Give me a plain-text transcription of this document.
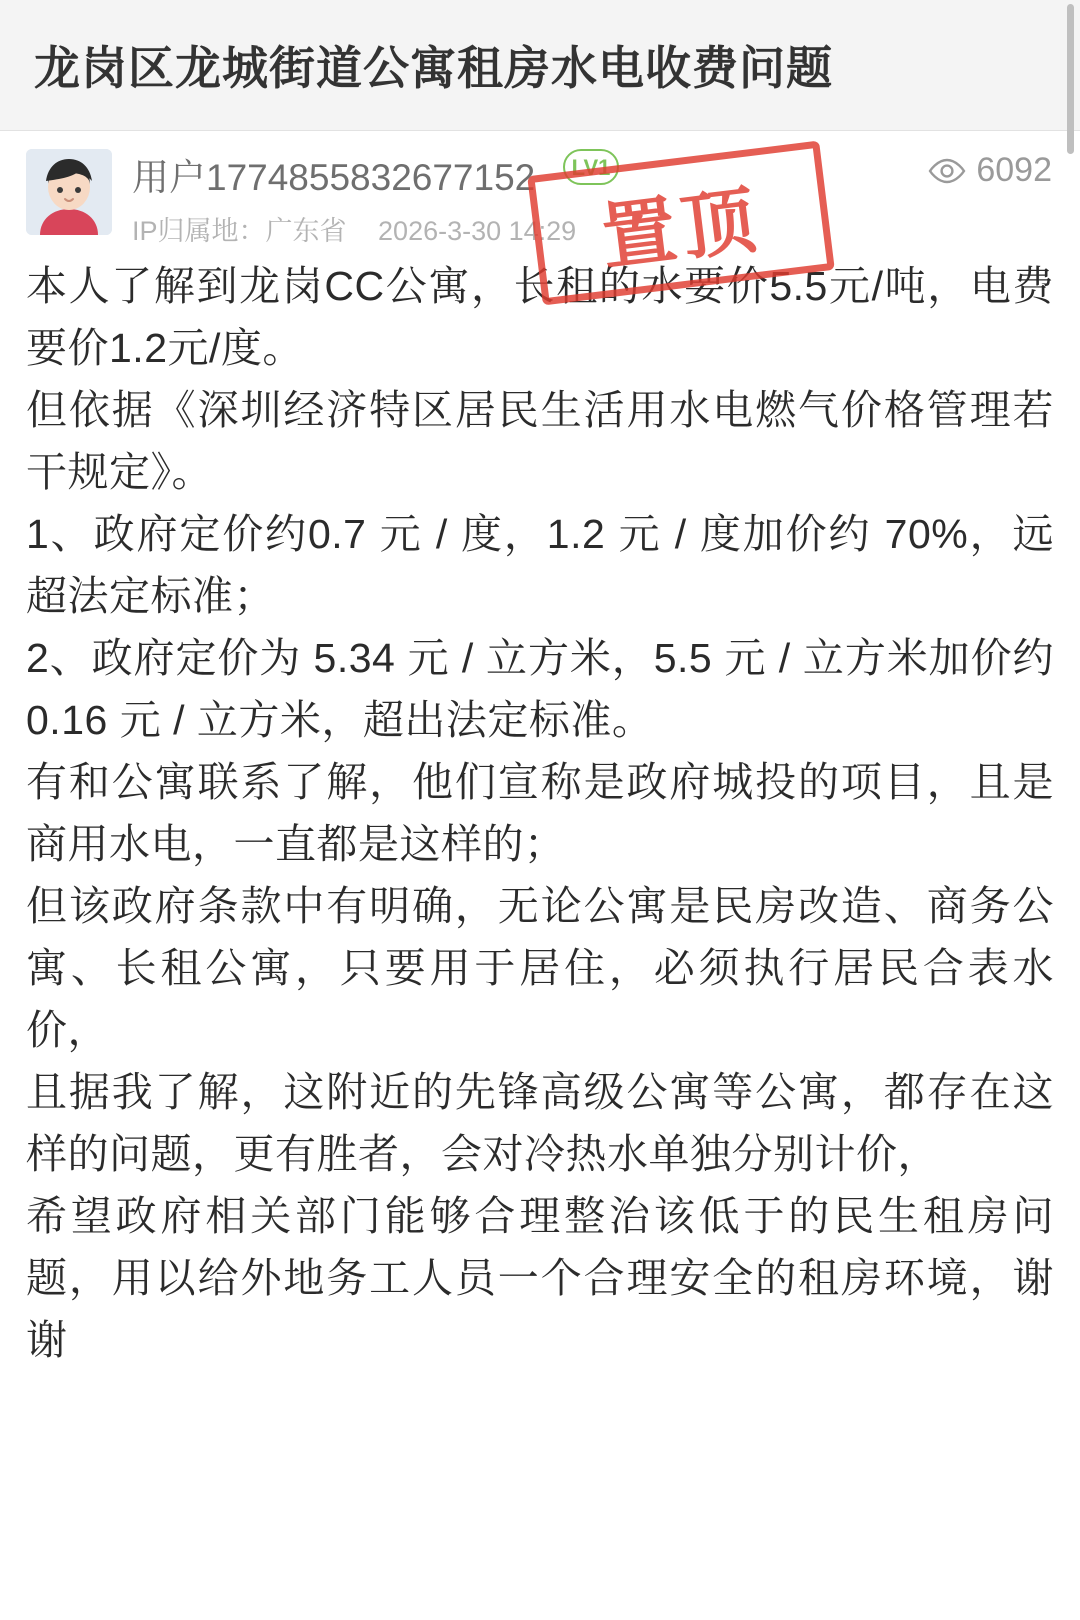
龙岗区龙城街道公寓租房水电收费问题
用户1774855832677152
IP归属地：广东省 2026-3-30 14:29
LV1	6092
置顶

本人了解到龙岗CC公寓，长租的水要价5.5元/吨，电费要价1.2元/度。

但依据《深圳经济特区居民生活用水电燃气价格管理若干规定》。

1、政府定价约0.7 元 / 度，1.2 元 / 度加价约 70%，远超法定标准；

2、政府定价为 5.34 元 / 立方米，5.5 元 / 立方米加价约 0.16 元 / 立方米，超出法定标准。

有和公寓联系了解，他们宣称是政府城投的项目，且是商用水电，一直都是这样的；

但该政府条款中有明确，无论公寓是民房改造、商务公寓、长租公寓，只要用于居住，必须执行居民合表水价，

且据我了解，这附近的先锋高级公寓等公寓，都存在这样的问题，更有胜者，会对冷热水单独分别计价，

希望政府相关部门能够合理整治该低于的民生租房问题，用以给外地务工人员一个合理安全的租房环境，谢谢
